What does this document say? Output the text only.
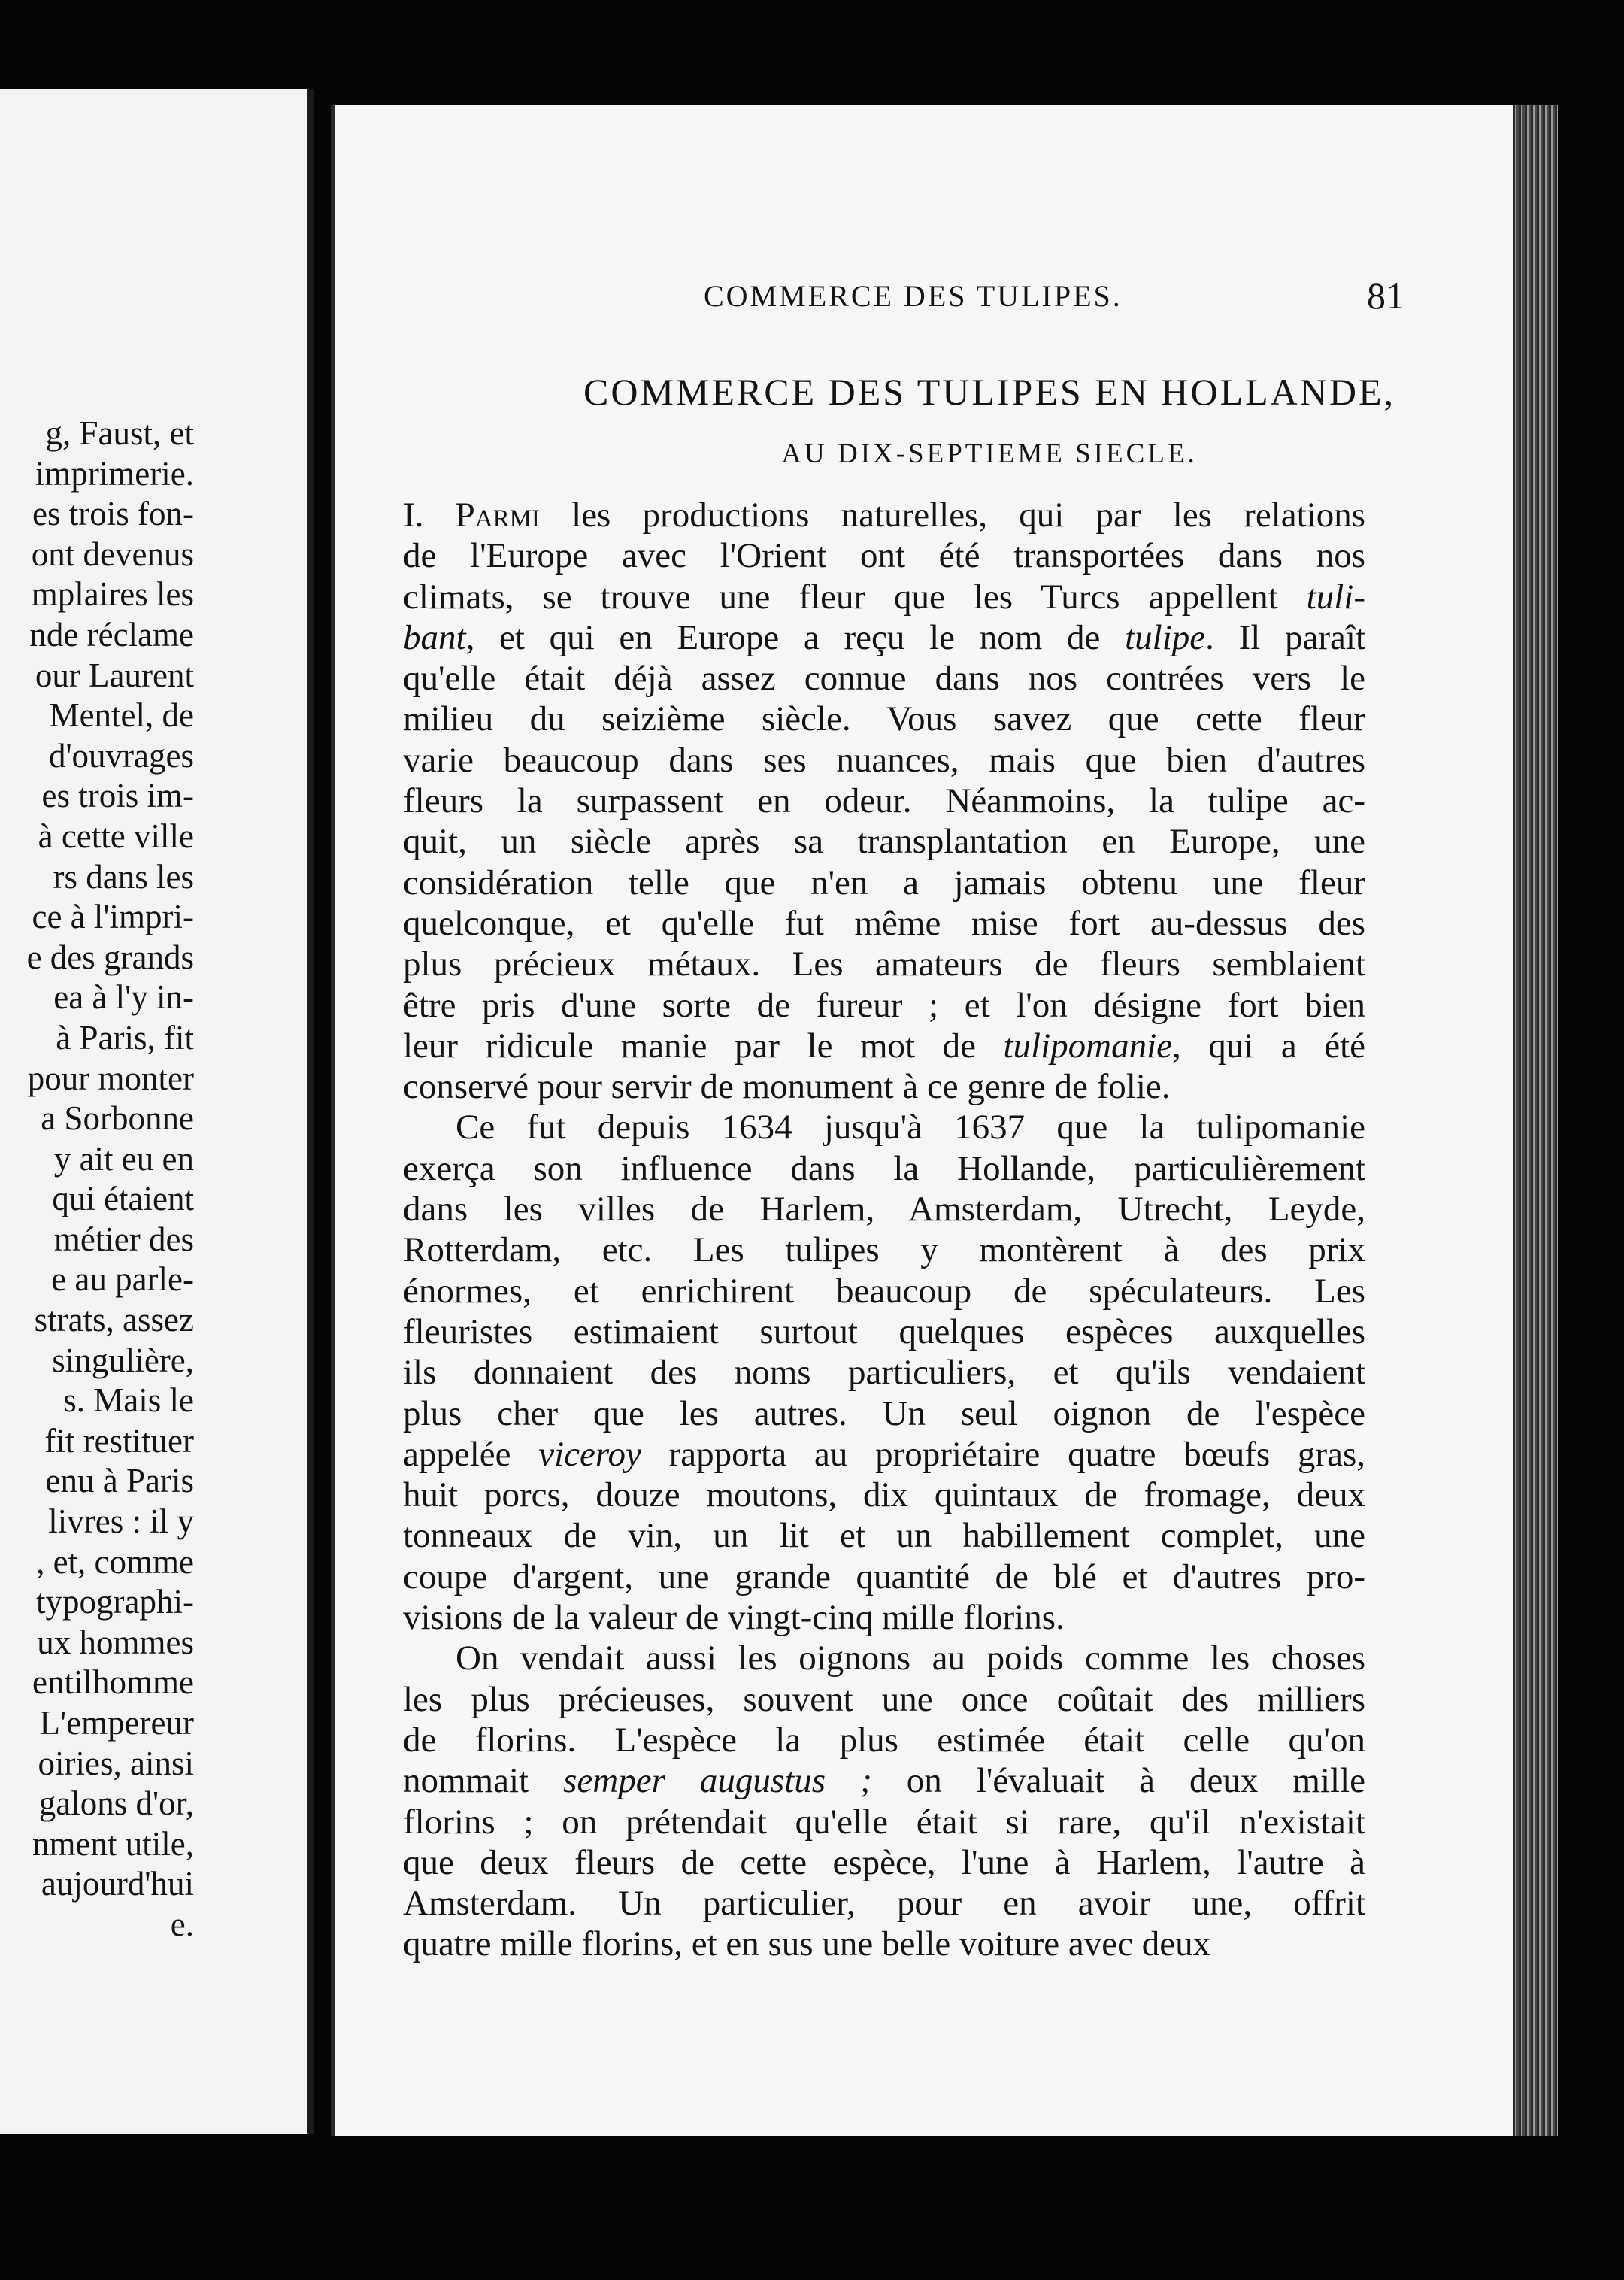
g, Faust, et
imprimerie.
es trois fon-
ont devenus
mplaires les
nde réclame
our Laurent
Mentel, de
d'ouvrages
es trois im-
à cette ville
rs dans les
ce à l'impri-
e des grands
ea à l'y in-
à Paris, fit
pour monter
a Sorbonne
y ait eu en
qui étaient
métier des
e au parle-
strats, assez
singulière,
s. Mais le
fit restituer
enu à Paris
livres : il y
, et, comme
typographi-
ux hommes
entilhomme
L'empereur
oiries, ainsi
galons d'or,
nment utile,
aujourd'hui
e.
COMMERCE DES TULIPES.	81
COMMERCE DES TULIPES EN HOLLANDE,
AU DIX-SEPTIEME SIECLE.
I. Parmi les productions naturelles, qui par les relations
de l'Europe avec l'Orient ont été transportées dans nos
climats, se trouve une fleur que les Turcs appellent tuli-
bant, et qui en Europe a reçu le nom de tulipe. Il paraît
qu'elle était déjà assez connue dans nos contrées vers le
milieu du seizième siècle. Vous savez que cette fleur
varie beaucoup dans ses nuances, mais que bien d'autres
fleurs la surpassent en odeur. Néanmoins, la tulipe ac-
quit, un siècle après sa transplantation en Europe, une
considération telle que n'en a jamais obtenu une fleur
quelconque, et qu'elle fut même mise fort au-dessus des
plus précieux métaux. Les amateurs de fleurs semblaient
être pris d'une sorte de fureur ; et l'on désigne fort bien
leur ridicule manie par le mot de tulipomanie, qui a été
conservé pour servir de monument à ce genre de folie.
Ce fut depuis 1634 jusqu'à 1637 que la tulipomanie
exerça son influence dans la Hollande, particulièrement
dans les villes de Harlem, Amsterdam, Utrecht, Leyde,
Rotterdam, etc. Les tulipes y montèrent à des prix
énormes, et enrichirent beaucoup de spéculateurs. Les
fleuristes estimaient surtout quelques espèces auxquelles
ils donnaient des noms particuliers, et qu'ils vendaient
plus cher que les autres. Un seul oignon de l'espèce
appelée viceroy rapporta au propriétaire quatre bœufs gras,
huit porcs, douze moutons, dix quintaux de fromage, deux
tonneaux de vin, un lit et un habillement complet, une
coupe d'argent, une grande quantité de blé et d'autres pro-
visions de la valeur de vingt-cinq mille florins.
On vendait aussi les oignons au poids comme les choses
les plus précieuses, souvent une once coûtait des milliers
de florins. L'espèce la plus estimée était celle qu'on
nommait semper augustus ; on l'évaluait à deux mille
florins ; on prétendait qu'elle était si rare, qu'il n'existait
que deux fleurs de cette espèce, l'une à Harlem, l'autre à
Amsterdam. Un particulier, pour en avoir une, offrit
quatre mille florins, et en sus une belle voiture avec deux
